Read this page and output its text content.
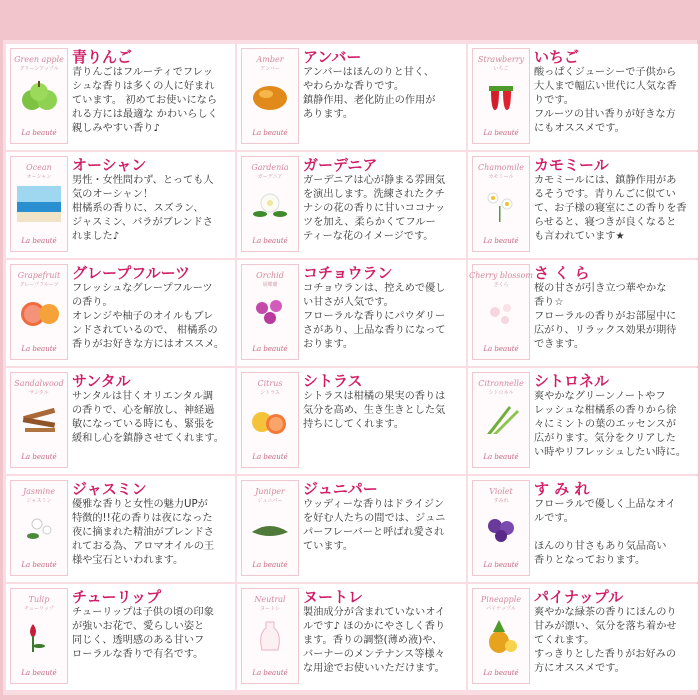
Green apple
グリーンアップル
La beauté
青りんご
青りんごはフルーティでフレッ
シュな香りは多くの人に好まれ
ています。 初めてお使いになら
れる方には最適な かわいらしく
親しみやすい香り♪
Amber
アンバー
La beauté
アンバー
アンバーはほんのりと甘く、
やわらかな香りです。
鎮静作用、老化防止の作用が
あります。
Strawberry
いちご
La beauté
いちご
酸っぱくジューシーで子供から
大人まで幅広い世代に人気な香
りです。
フルーツの甘い香りが好きな方
にもオススメです。
Ocean
オーシャン
La beauté
オーシャン
男性・女性問わず、とっても人
気のオーシャン！
柑橘系の香りに、スズラン、
ジャスミン、バラがブレンドさ
れました♪
Gardenia
ガーデニア
La beauté
ガーデニア
ガーデニアは心が静まる雰囲気
を演出します。洗練されたクチ
ナシの花の香りに甘いココナッ
ツを加え、柔らかくてフルー
ティーな花のイメージです。
Chamomile
カモミール
La beauté
カモミール
カモミールには、鎮静作用があ
るそうです。青りんごに似てい
て、お子様の寝室にこの香りを香
らせると、寝つきが良くなると
も言われています★
Grapefruit
グレープフルーツ
La beauté
グレープフルーツ
フレッシュなグレープフルーツ
の香り。
オレンジや柚子のオイルもブレ
ンドされているので、 柑橘系の
香りがお好きな方にはオススメ。
Orchid
胡蝶蘭
La beauté
コチョウラン
コチョウランは、控えめで優し
い甘さが人気です。
フローラルな香りにパウダリー
さがあり、上品な香りになって
おります。
Cherry blossom
さくら
La beauté
さ く ら
桜の甘さが引き立つ華やかな
香り☆
フローラルの香りがお部屋中に
広がり、リラックス効果が期待
できます。
Sandalwood
サンタル
La beauté
サンタル
サンタルは甘くオリエンタル調
の香りで、心を解放し、神経過
敏になっている時にも、緊張を
緩和し心を鎮静させてくれます。
Citrus
シトラス
La beauté
シトラス
シトラスは柑橘の果実の香りは
気分を高め、生き生きとした気
持ちにしてくれます。
Citronnelle
シトロネル
La beauté
シトロネル
爽やかなグリーンノートやフ
レッシュな柑橘系の香りから徐
々にミントの葉のエッセンスが
広がります。気分をクリアした
い時やリフレッシュしたい時に。
Jasmine
ジャスミン
La beauté
ジャスミン
優雅な香りと女性の魅力UPが
特徴的!!花の香りは夜になった
夜に摘まれた精油がブレンドさ
れておる為、アロマオイルの王
様や宝石といわれます。
Juniper
ジュニパー
La beauté
ジュニパー
ウッディーな香りはドライジン
を好む人たちの間では、ジュニ
パーフレーバーと呼ばれ愛され
ています。
Violet
すみれ
La beauté
す み れ
フローラルで優しく上品なオイ
ルです。

ほんのり甘さもあり気品高い
香りとなっております。
Tulip
チューリップ
La beauté
チューリップ
チューリップは子供の頃の印象
が強いお花で、愛らしい姿と
同じく、透明感のある甘いフ
ローラルな香りで有名です。
Neutral
ヌートレ
La beauté
ヌートレ
製油成分が含まれていないオイ
ルです♪ ほのかにやさしく香り
ます。香りの調整(薄め液)や、
バーナーのメンテナンス等様々
な用途でお使いいただけます。
Pineapple
パイナップル
La beauté
パイナップル
爽やかな緑茶の香りにほんのり
甘みが漂い、気分を落ち着かせ
てくれます。
すっきりとした香りがお好みの
方にオススメです。
